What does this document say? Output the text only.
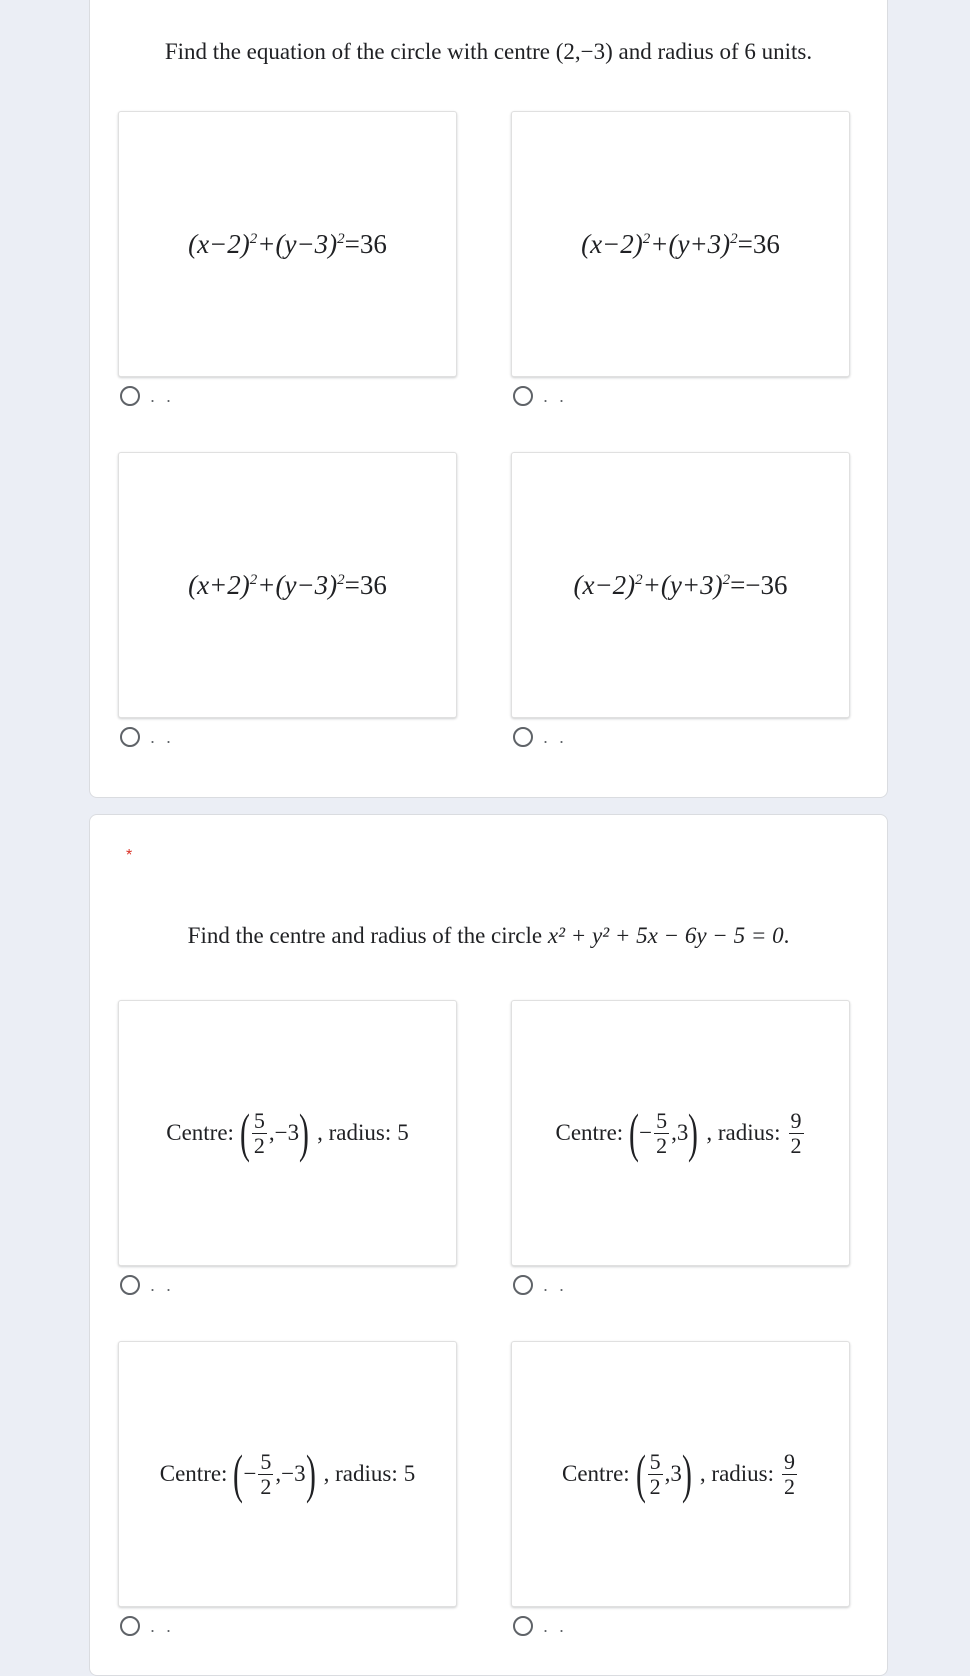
Find the equation of the circle with centre (2,−3) and radius of 6 units.
$(x-2)^2+(y-3)^2=36$
. .
$(x-2)^2+(y+3)^2=36$
. .
$(x+2)^2+(y-3)^2=36$
. .
$(x-2)^2+(y+3)^2=-36$
. .
*
Find the centre and radius of the circle x² + y² + 5x − 6y − 5 = 0.
Centre: ( $\frac{5}{2} ,-3$ ) , radius: 5
. .
Centre: ( − $\frac{5}{2} ,3$ ) , radius: $\frac{9}{2}$
. .
Centre: ( − $\frac{5}{2} ,-3$ ) , radius: 5
. .
Centre: ( $\frac{5}{2} ,3$ ) , radius: $\frac{9}{2}$
. .
